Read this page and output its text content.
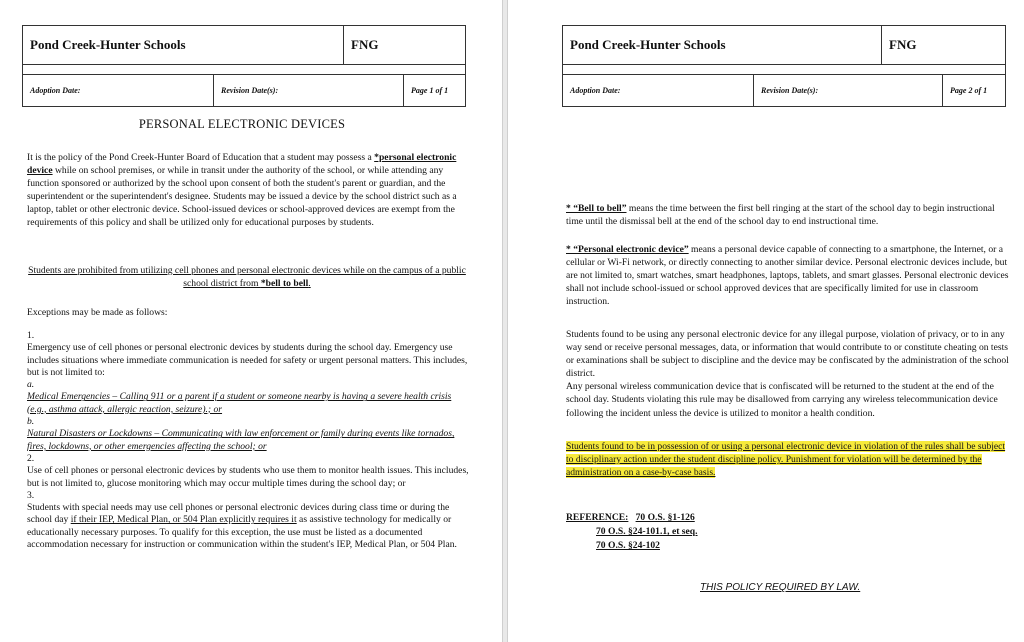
Pond Creek-Hunter Schools	FNG
Adoption Date:	Revision Date(s):	Page 1 of 1
PERSONAL ELECTRONIC DEVICES
It is the policy of the Pond Creek-Hunter Board of Education that a student may possess a *personal electronic device while on school premises, or while in transit under the authority of the school, or while attending any function sponsored or authorized by the school upon consent of both the student's parent or guardian, and the superintendent or the superintendent's designee. Students may be issued a device by the school district such as a laptop, tablet or other electronic device. School-issued devices or school-approved devices are exempt from the requirements of this policy and shall be utilized only for educational purposes by students.
Students are prohibited from utilizing cell phones and personal electronic devices while on the campus of a public school district from *bell to bell.
Exceptions may be made as follows:

1.

Emergency use of cell phones or personal electronic devices by students during the school day. Emergency use includes situations where immediate communication is needed for safety or urgent personal matters. This includes, but is not limited to:

a.

Medical Emergencies – Calling 911 or a parent if a student or someone nearby is having a severe health crisis (e.g., asthma attack, allergic reaction, seizure).; or

b.

Natural Disasters or Lockdowns – Communicating with law enforcement or family during events like tornados, fires, lockdowns, or other emergencies affecting the school; or

2.

Use of cell phones or personal electronic devices by students who use them to monitor health issues. This includes, but is not limited to, glucose monitoring which may occur multiple times during the school day; or

3.

Students with special needs may use cell phones or personal electronic devices during class time or during the school day if their IEP, Medical Plan, or 504 Plan explicitly requires it as assistive technology for medically or educationally necessary purposes. To qualify for this exception, the use must be listed as a documented accommodation necessary for instruction or communication within the student's IEP, Medical Plan, or 504 Plan.

Pond Creek-Hunter Schools	FNG
Adoption Date:	Revision Date(s):	Page 2 of 1
* “Bell to bell” means the time between the first bell ringing at the start of the school day to begin instructional time until the dismissal bell at the end of the school day to end instructional time.
* “Personal electronic device” means a personal device capable of connecting to a smartphone, the Internet, or a cellular or Wi-Fi network, or directly connecting to another similar device. Personal electronic devices include, but are not limited to, smart watches, smart headphones, laptops, tablets, and smart glasses. Personal electronic devices shall not include school-issued or school approved devices that are specifically limited for use in classroom instruction.

Students found to be using any personal electronic device for any illegal purpose, violation of privacy, or to in any way send or receive personal messages, data, or information that would contribute to or constitute cheating on tests or examinations shall be subject to discipline and the device may be confiscated by the administration of the school district.

Any personal wireless communication device that is confiscated will be returned to the student at the end of the school day. Students violating this rule may be disallowed from carrying any wireless telecommunication device following the incident unless the device is utilized to monitor a health condition.

Students found to be in possession of or using a personal electronic device in violation of the rules shall be subject to disciplinary action under the student discipline policy. Punishment for violation will be determined by the administration on a case-by-case basis.

REFERENCE: 70 O.S. §1-126

70 O.S. §24-101.1, et seq.

70 O.S. §24-102

THIS POLICY REQUIRED BY LAW.
